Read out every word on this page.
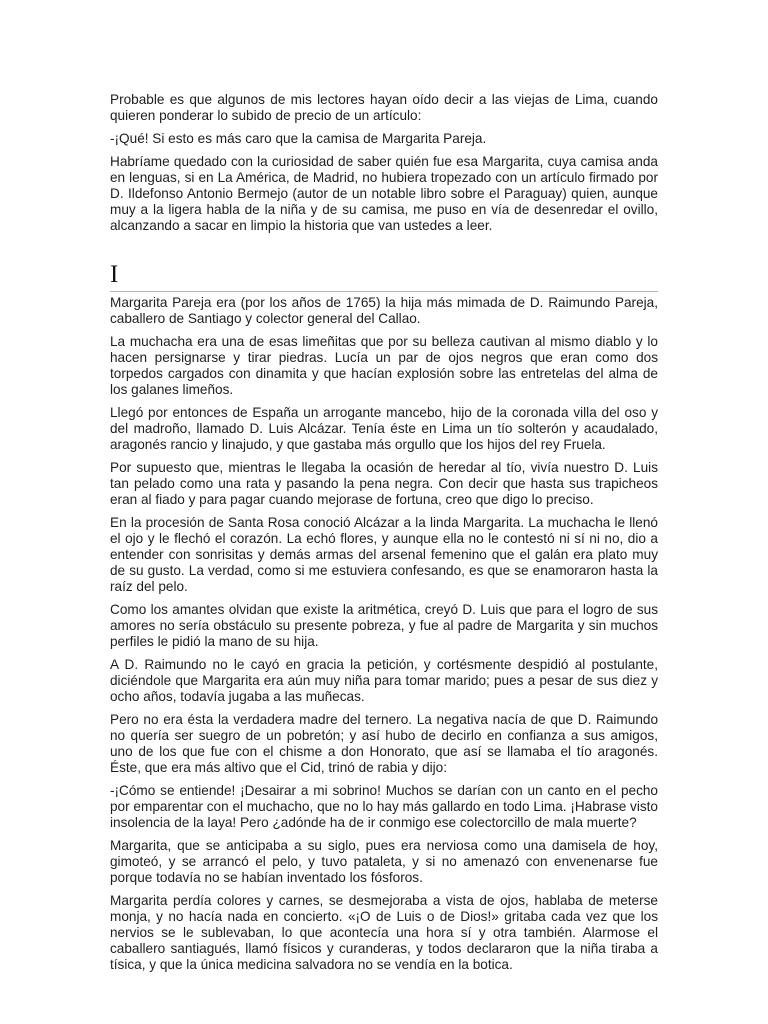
Probable es que algunos de mis lectores hayan oído decir a las viejas de Lima, cuando quieren ponderar lo subido de precio de un artículo:

-¡Qué! Si esto es más caro que la camisa de Margarita Pareja.

Habríame quedado con la curiosidad de saber quién fue esa Margarita, cuya camisa anda en lenguas, si en La América, de Madrid, no hubiera tropezado con un artículo firmado por D. Ildefonso Antonio Bermejo (autor de un notable libro sobre el Paraguay) quien, aunque muy a la ligera habla de la niña y de su camisa, me puso en vía de desenredar el ovillo, alcanzando a sacar en limpio la historia que van ustedes a leer.

I

Margarita Pareja era (por los años de 1765) la hija más mimada de D. Raimundo Pareja, caballero de Santiago y colector general del Callao.

La muchacha era una de esas limeñitas que por su belleza cautivan al mismo diablo y lo hacen persignarse y tirar piedras. Lucía un par de ojos negros que eran como dos torpedos cargados con dinamita y que hacían explosión sobre las entretelas del alma de los galanes limeños.

Llegó por entonces de España un arrogante mancebo, hijo de la coronada villa del oso y del madroño, llamado D. Luis Alcázar. Tenía éste en Lima un tío solterón y acaudalado, aragonés rancio y linajudo, y que gastaba más orgullo que los hijos del rey Fruela.

Por supuesto que, mientras le llegaba la ocasión de heredar al tío, vivía nuestro D. Luis tan pelado como una rata y pasando la pena negra. Con decir que hasta sus trapicheos eran al fiado y para pagar cuando mejorase de fortuna, creo que digo lo preciso.

En la procesión de Santa Rosa conoció Alcázar a la linda Margarita. La muchacha le llenó el ojo y le flechó el corazón. La echó flores, y aunque ella no le contestó ni sí ni no, dio a entender con sonrisitas y demás armas del arsenal femenino que el galán era plato muy de su gusto. La verdad, como si me estuviera confesando, es que se enamoraron hasta la raíz del pelo.

Como los amantes olvidan que existe la aritmética, creyó D. Luis que para el logro de sus amores no sería obstáculo su presente pobreza, y fue al padre de Margarita y sin muchos perfiles le pidió la mano de su hija.

A D. Raimundo no le cayó en gracia la petición, y cortésmente despidió al postulante, diciéndole que Margarita era aún muy niña para tomar marido; pues a pesar de sus diez y ocho años, todavía jugaba a las muñecas.

Pero no era ésta la verdadera madre del ternero. La negativa nacía de que D. Raimundo no quería ser suegro de un pobretón; y así hubo de decirlo en confianza a sus amigos, uno de los que fue con el chisme a don Honorato, que así se llamaba el tío aragonés. Éste, que era más altivo que el Cid, trinó de rabia y dijo:

-¡Cómo se entiende! ¡Desairar a mi sobrino! Muchos se darían con un canto en el pecho por emparentar con el muchacho, que no lo hay más gallardo en todo Lima. ¡Habrase visto insolencia de la laya! Pero ¿adónde ha de ir conmigo ese colectorcillo de mala muerte?

Margarita, que se anticipaba a su siglo, pues era nerviosa como una damisela de hoy, gimoteó, y se arrancó el pelo, y tuvo pataleta, y si no amenazó con envenenarse fue porque todavía no se habían inventado los fósforos.

Margarita perdía colores y carnes, se desmejoraba a vista de ojos, hablaba de meterse monja, y no hacía nada en concierto. «¡O de Luis o de Dios!» gritaba cada vez que los nervios se le sublevaban, lo que acontecía una hora sí y otra también. Alarmose el caballero santiagués, llamó físicos y curanderas, y todos declararon que la niña tiraba a tísica, y que la única medicina salvadora no se vendía en la botica.
